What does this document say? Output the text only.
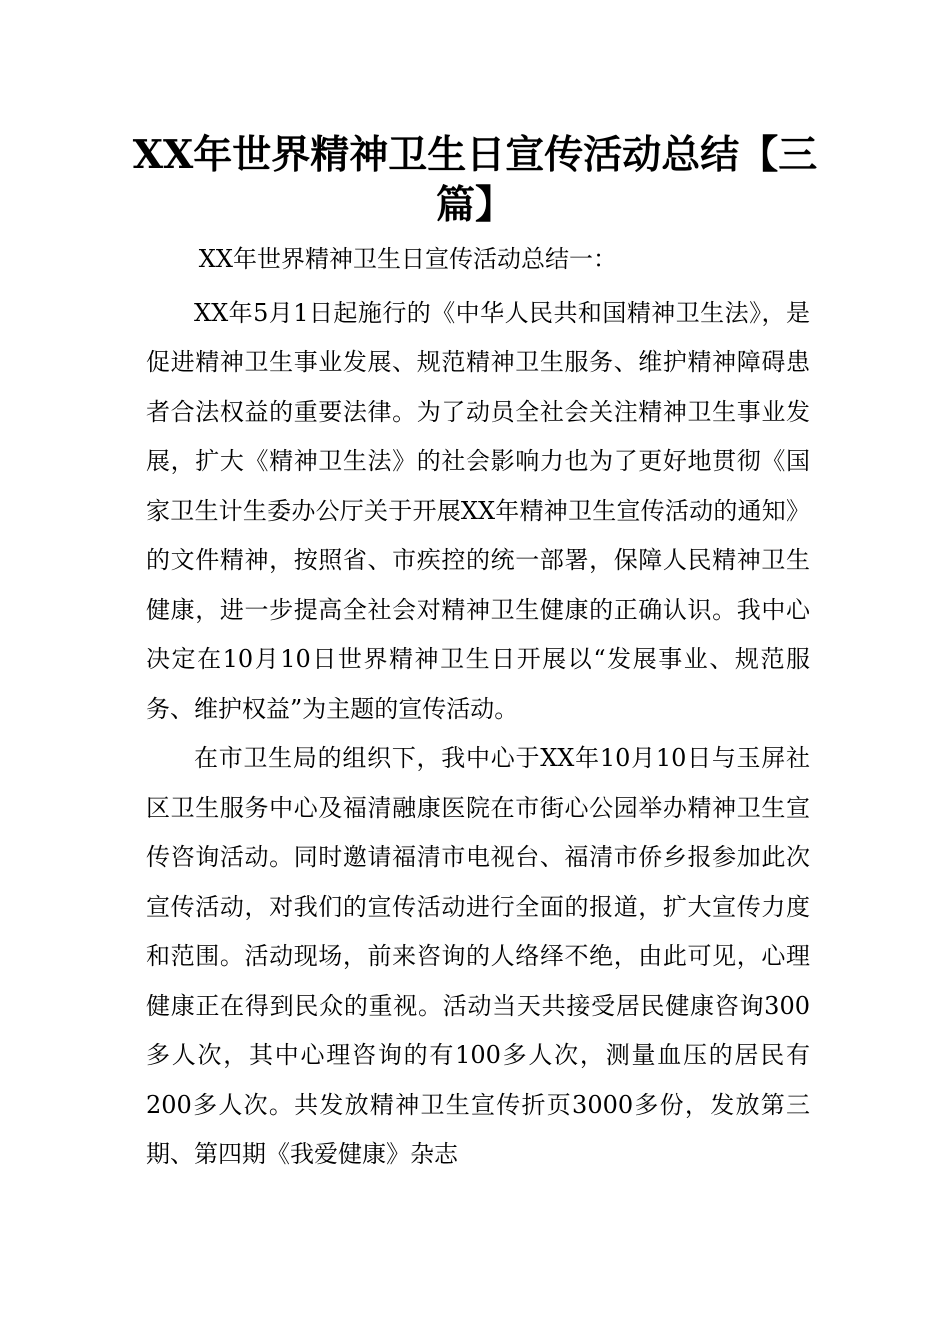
XX年世界精神卫生日宣传活动总结【三篇】

XX年世界精神卫生日宣传活动总结一：

XX年5月1日起施行的《中华人民共和国精神卫生法》，是促进精神卫生事业发展、规范精神卫生服务、维护精神障碍患者合法权益的重要法律。为了动员全社会关注精神卫生事业发展，扩大《精神卫生法》的社会影响力也为了更好地贯彻《国家卫生计生委办公厅关于开展XX年精神卫生宣传活动的通知》的文件精神，按照省、市疾控的统一部署，保障人民精神卫生健康，进一步提高全社会对精神卫生健康的正确认识。我中心决定在10月10日世界精神卫生日开展以“发展事业、规范服务、维护权益”为主题的宣传活动。

在市卫生局的组织下，我中心于XX年10月10日与玉屏社区卫生服务中心及福清融康医院在市街心公园举办精神卫生宣传咨询活动。同时邀请福清市电视台、福清市侨乡报参加此次宣传活动，对我们的宣传活动进行全面的报道，扩大宣传力度和范围。活动现场，前来咨询的人络绎不绝，由此可见，心理健康正在得到民众的重视。活动当天共接受居民健康咨询300多人次，其中心理咨询的有100多人次，测量血压的居民有200多人次。共发放精神卫生宣传折页3000多份，发放第三期、第四期《我爱健康》杂志
